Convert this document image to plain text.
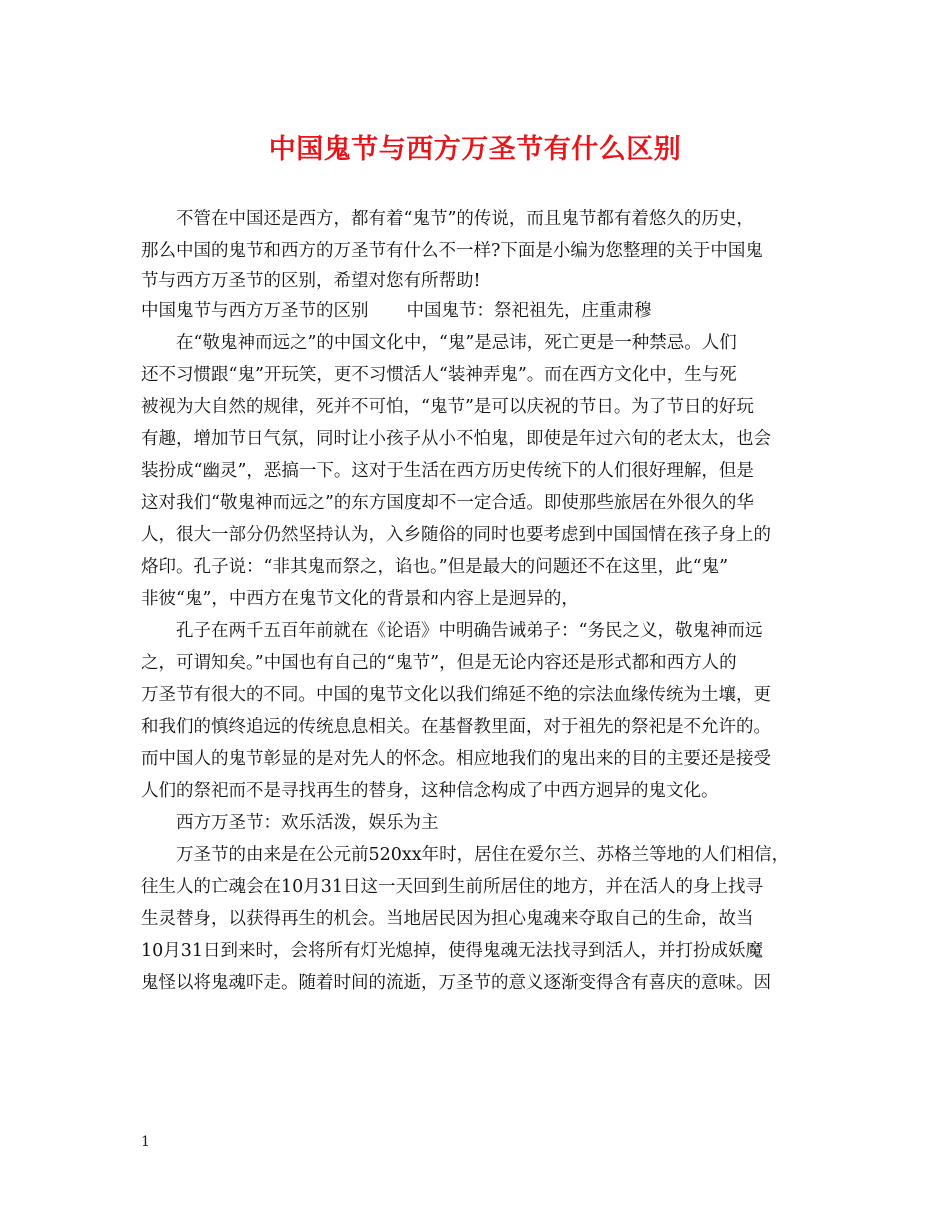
中国鬼节与西方万圣节有什么区别
不管在中国还是西方，都有着“鬼节”的传说，而且鬼节都有着悠久的历史，
那么中国的鬼节和西方的万圣节有什么不一样?下面是小编为您整理的关于中国鬼
节与西方万圣节的区别，希望对您有所帮助!
中国鬼节与西方万圣节的区别 中国鬼节：祭祀祖先，庄重肃穆
在“敬鬼神而远之”的中国文化中，“鬼”是忌讳，死亡更是一种禁忌。人们
还不习惯跟“鬼”开玩笑，更不习惯活人“装神弄鬼”。而在西方文化中，生与死
被视为大自然的规律，死并不可怕，“鬼节”是可以庆祝的节日。为了节日的好玩
有趣，增加节日气氛，同时让小孩子从小不怕鬼，即使是年过六旬的老太太，也会
装扮成“幽灵”，恶搞一下。这对于生活在西方历史传统下的人们很好理解，但是
这对我们“敬鬼神而远之”的东方国度却不一定合适。即使那些旅居在外很久的华
人，很大一部分仍然坚持认为，入乡随俗的同时也要考虑到中国国情在孩子身上的
烙印。孔子说：“非其鬼而祭之，谄也。”但是最大的问题还不在这里，此“鬼”
非彼“鬼”，中西方在鬼节文化的背景和内容上是迥异的，
孔子在两千五百年前就在《论语》中明确告诫弟子：“务民之义，敬鬼神而远
之，可谓知矣。”中国也有自己的“鬼节”，但是无论内容还是形式都和西方人的
万圣节有很大的不同。中国的鬼节文化以我们绵延不绝的宗法血缘传统为土壤，更
和我们的慎终追远的传统息息相关。在基督教里面，对于祖先的祭祀是不允许的。
而中国人的鬼节彰显的是对先人的怀念。相应地我们的鬼出来的目的主要还是接受
人们的祭祀而不是寻找再生的替身，这种信念构成了中西方迥异的鬼文化。
西方万圣节：欢乐活泼，娱乐为主
万圣节的由来是在公元前520xx年时，居住在爱尔兰、苏格兰等地的人们相信，
往生人的亡魂会在10月31日这一天回到生前所居住的地方，并在活人的身上找寻
生灵替身，以获得再生的机会。当地居民因为担心鬼魂来夺取自己的生命，故当
10月31日到来时，会将所有灯光熄掉，使得鬼魂无法找寻到活人，并打扮成妖魔
鬼怪以将鬼魂吓走。随着时间的流逝，万圣节的意义逐渐变得含有喜庆的意味。因
1
